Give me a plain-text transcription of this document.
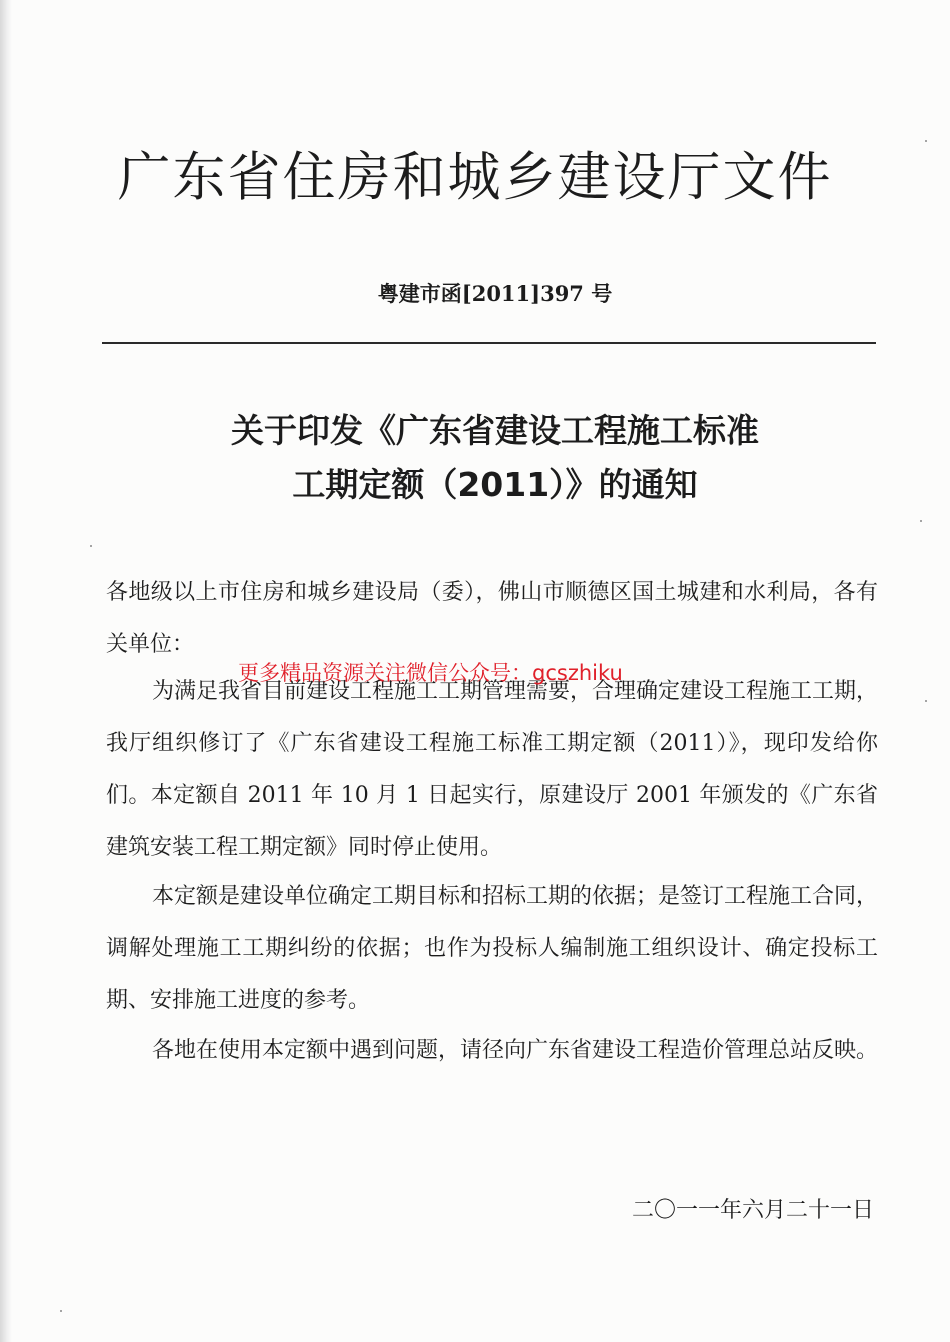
广东省住房和城乡建设厅文件
粤建市函[2011]397 号
关于印发《广东省建设工程施工标准
工期定额（2011）》的通知
各地级以上市住房和城乡建设局（委），佛山市顺德区国土城建和水利局，各有关单位：
为满足我省目前建设工程施工工期管理需要，合理确定建设工程施工工期，我厅组织修订了《广东省建设工程施工标准工期定额（2011）》，现印发给你们。本定额自 2011 年 10 月 1 日起实行，原建设厅 2001 年颁发的《广东省建筑安装工程工期定额》同时停止使用。
本定额是建设单位确定工期目标和招标工期的依据；是签订工程施工合同，调解处理施工工期纠纷的依据；也作为投标人编制施工组织设计、确定投标工期、安排施工进度的参考。
各地在使用本定额中遇到问题，请径向广东省建设工程造价管理总站反映。
更多精品资源关注微信公众号：gcszhiku
二〇一一年六月二十一日
